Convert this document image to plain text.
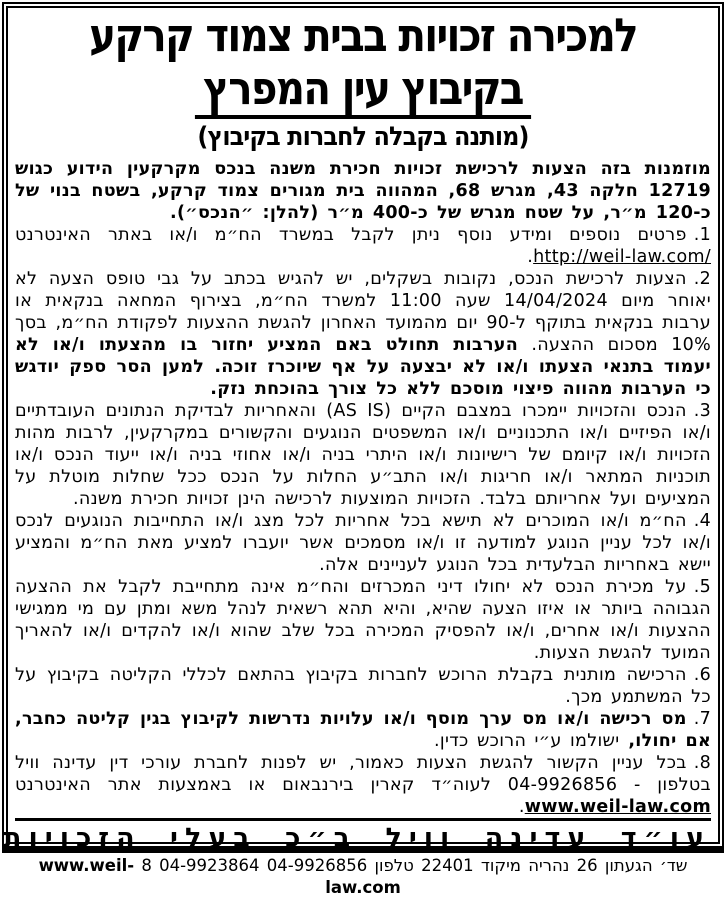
למכירה זכויות בבית צמוד קרקע
בקיבוץ עין המפרץ
(מותנה בקבלה לחברות בקיבוץ)

מוזמנות בזה הצעות לרכישת זכויות חכירת משנה בנכס מקרקעין הידוע כגוש 12719 חלקה 43, מגרש 68, המהווה בית מגורים צמוד קרקע, בשטח בנוי של כ-120 מ״ר, על שטח מגרש של כ-400 מ״ר (להלן: ״הנכס״).

1.פרטים נוספים ומידע נוסף ניתן לקבל במשרד הח״מ ו/או באתר האינטרנט http://weil-law.com/.

2.הצעות לרכישת הנכס, נקובות בשקלים, יש להגיש בכתב על גבי טופס הצעה לא יאוחר מיום 14/04/2024 שעה 11:00 למשרד הח״מ, בצירוף המחאה בנקאית או ערבות בנקאית בתוקף ל-90 יום מהמועד האחרון להגשת ההצעות לפקודת הח״מ, בסך 10% מסכום ההצעה. הערבות תחולט באם המציע יחזור בו מהצעתו ו/או לא יעמוד בתנאי הצעתו ו/או לא יבצעה על אף שיוכרז זוכה. למען הסר ספק יודגש כי הערבות מהווה פיצוי מוסכם ללא כל צורך בהוכחת נזק.

3.הנכס והזכויות יימכרו במצבם הקיים (AS IS) והאחריות לבדיקת הנתונים העובדתיים ו/או הפיזיים ו/או התכנוניים ו/או המשפטים הנוגעים והקשורים במקרקעין, לרבות מהות הזכויות ו/או קיומם של רישיונות ו/או היתרי בניה ו/או אחוזי בניה ו/או ייעוד הנכס ו/או תוכניות המתאר ו/או חריגות ו/או התב״ע החלות על הנכס ככל שחלות מוטלת על המציעים ועל אחריותם בלבד. הזכויות המוצעות לרכישה הינן זכויות חכירת משנה.

4.הח״מ ו/או המוכרים לא תישא בכל אחריות לכל מצג ו/או התחייבות הנוגעים לנכס ו/או לכל עניין הנוגע למודעה זו ו/או מסמכים אשר יועברו למציע מאת הח״מ והמציע יישא באחריות הבלעדית בכל הנוגע לעניינים אלה.

5.על מכירת הנכס לא יחולו דיני המכרזים והח״מ אינה מתחייבת לקבל את ההצעה הגבוהה ביותר או איזו הצעה שהיא, והיא תהא רשאית לנהל משא ומתן עם מי ממגישי ההצעות ו/או אחרים, ו/או להפסיק המכירה בכל שלב שהוא ו/או להקדים ו/או להאריך המועד להגשת הצעות.

6.הרכישה מותנית בקבלת הרוכש לחברות בקיבוץ בהתאם לכללי הקליטה בקיבוץ על כל המשתמע מכך.

7.מס רכישה ו/או מס ערך מוסף ו/או עלויות נדרשות לקיבוץ בגין קליטה כחבר, אם יחולו, ישולמו ע״י הרוכש כדין.

8.בכל עניין הקשור להגשת הצעות כאמור, יש לפנות לחברת עורכי דין עדינה וויל בטלפון - 04-9926856 לעוה״ד קארין בירנבאום או באמצעות אתר האינטרנט www.weil-law.com.

עו״ד עדינה וויל ב״כ בעלי הזכויות
שד׳ הגעתון 26 נהריה מיקוד 22401 טלפון 04-9926856 04-9923864 8 www.weil-law.com
